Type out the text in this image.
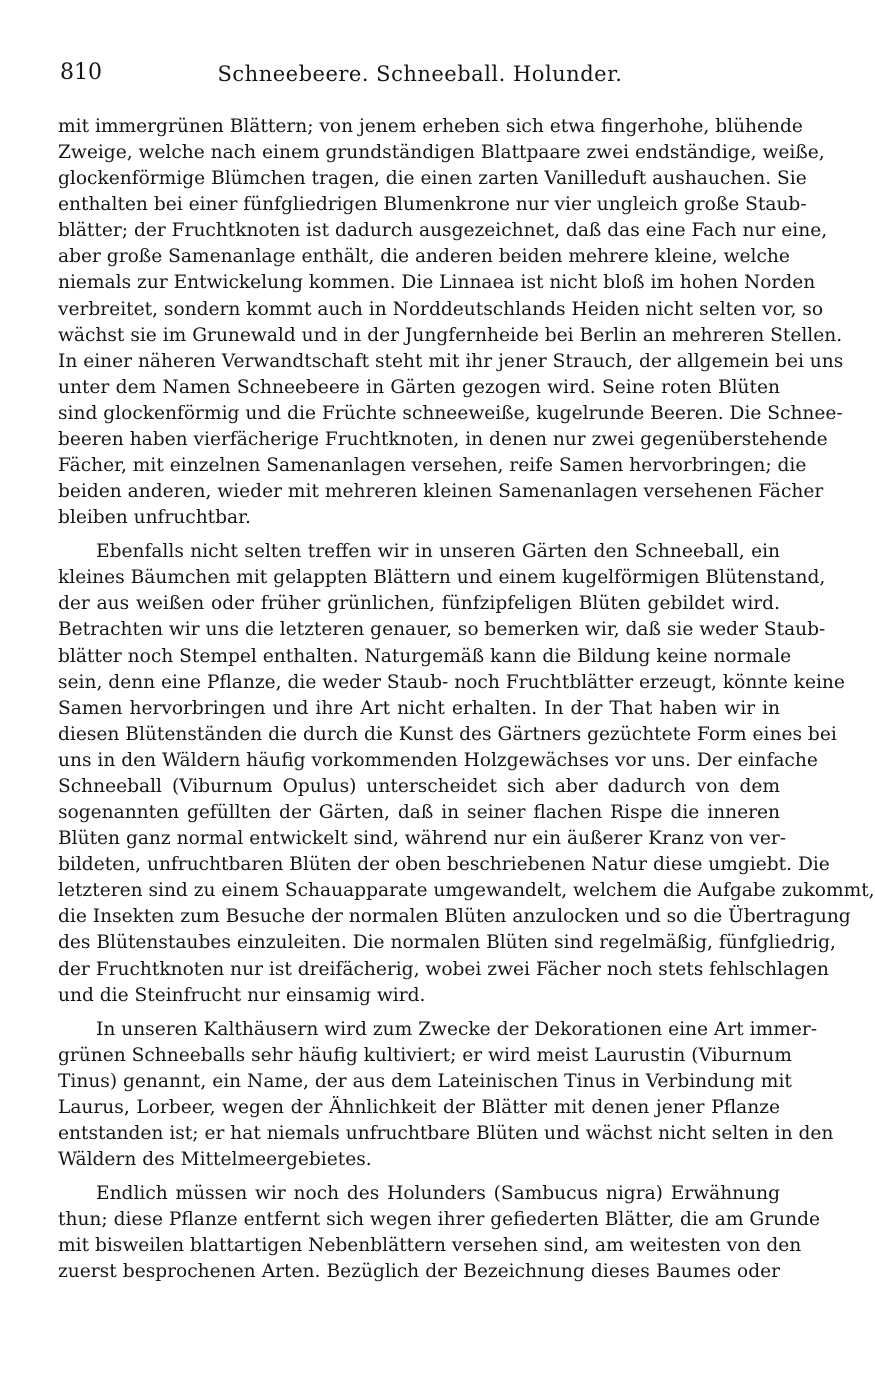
810	Schneebeere. Schneeball. Holunder.
mit immergrünen Blättern; von jenem erheben sich etwa fingerhohe, blühende
Zweige, welche nach einem grundständigen Blattpaare zwei endständige, weiße,
glockenförmige Blümchen tragen, die einen zarten Vanilleduft aushauchen. Sie
enthalten bei einer fünfgliedrigen Blumenkrone nur vier ungleich große Staub-
blätter; der Fruchtknoten ist dadurch ausgezeichnet, daß das eine Fach nur eine,
aber große Samenanlage enthält, die anderen beiden mehrere kleine, welche
niemals zur Entwickelung kommen. Die Linnaea ist nicht bloß im hohen Norden
verbreitet, sondern kommt auch in Norddeutschlands Heiden nicht selten vor, so
wächst sie im Grunewald und in der Jungfernheide bei Berlin an mehreren Stellen.
In einer näheren Verwandtschaft steht mit ihr jener Strauch, der allgemein bei uns
unter dem Namen Schneebeere in Gärten gezogen wird. Seine roten Blüten
sind glockenförmig und die Früchte schneeweiße, kugelrunde Beeren. Die Schnee-
beeren haben vierfächerige Fruchtknoten, in denen nur zwei gegenüberstehende
Fächer, mit einzelnen Samenanlagen versehen, reife Samen hervorbringen; die
beiden anderen, wieder mit mehreren kleinen Samenanlagen versehenen Fächer
bleiben unfruchtbar.
Ebenfalls nicht selten treffen wir in unseren Gärten den Schneeball, ein
kleines Bäumchen mit gelappten Blättern und einem kugelförmigen Blütenstand,
der aus weißen oder früher grünlichen, fünfzipfeligen Blüten gebildet wird.
Betrachten wir uns die letzteren genauer, so bemerken wir, daß sie weder Staub-
blätter noch Stempel enthalten. Naturgemäß kann die Bildung keine normale
sein, denn eine Pflanze, die weder Staub- noch Fruchtblätter erzeugt, könnte keine
Samen hervorbringen und ihre Art nicht erhalten. In der That haben wir in
diesen Blütenständen die durch die Kunst des Gärtners gezüchtete Form eines bei
uns in den Wäldern häufig vorkommenden Holzgewächses vor uns. Der einfache
Schneeball (Viburnum Opulus) unterscheidet sich aber dadurch von dem
sogenannten gefüllten der Gärten, daß in seiner flachen Rispe die inneren
Blüten ganz normal entwickelt sind, während nur ein äußerer Kranz von ver-
bildeten, unfruchtbaren Blüten der oben beschriebenen Natur diese umgiebt. Die
letzteren sind zu einem Schauapparate umgewandelt, welchem die Aufgabe zukommt,
die Insekten zum Besuche der normalen Blüten anzulocken und so die Übertragung
des Blütenstaubes einzuleiten. Die normalen Blüten sind regelmäßig, fünfgliedrig,
der Fruchtknoten nur ist dreifächerig, wobei zwei Fächer noch stets fehlschlagen
und die Steinfrucht nur einsamig wird.
In unseren Kalthäusern wird zum Zwecke der Dekorationen eine Art immer-
grünen Schneeballs sehr häufig kultiviert; er wird meist Laurustin (Viburnum
Tinus) genannt, ein Name, der aus dem Lateinischen Tinus in Verbindung mit
Laurus, Lorbeer, wegen der Ähnlichkeit der Blätter mit denen jener Pflanze
entstanden ist; er hat niemals unfruchtbare Blüten und wächst nicht selten in den
Wäldern des Mittelmeergebietes.
Endlich müssen wir noch des Holunders (Sambucus nigra) Erwähnung
thun; diese Pflanze entfernt sich wegen ihrer gefiederten Blätter, die am Grunde
mit bisweilen blattartigen Nebenblättern versehen sind, am weitesten von den
zuerst besprochenen Arten. Bezüglich der Bezeichnung dieses Baumes oder
